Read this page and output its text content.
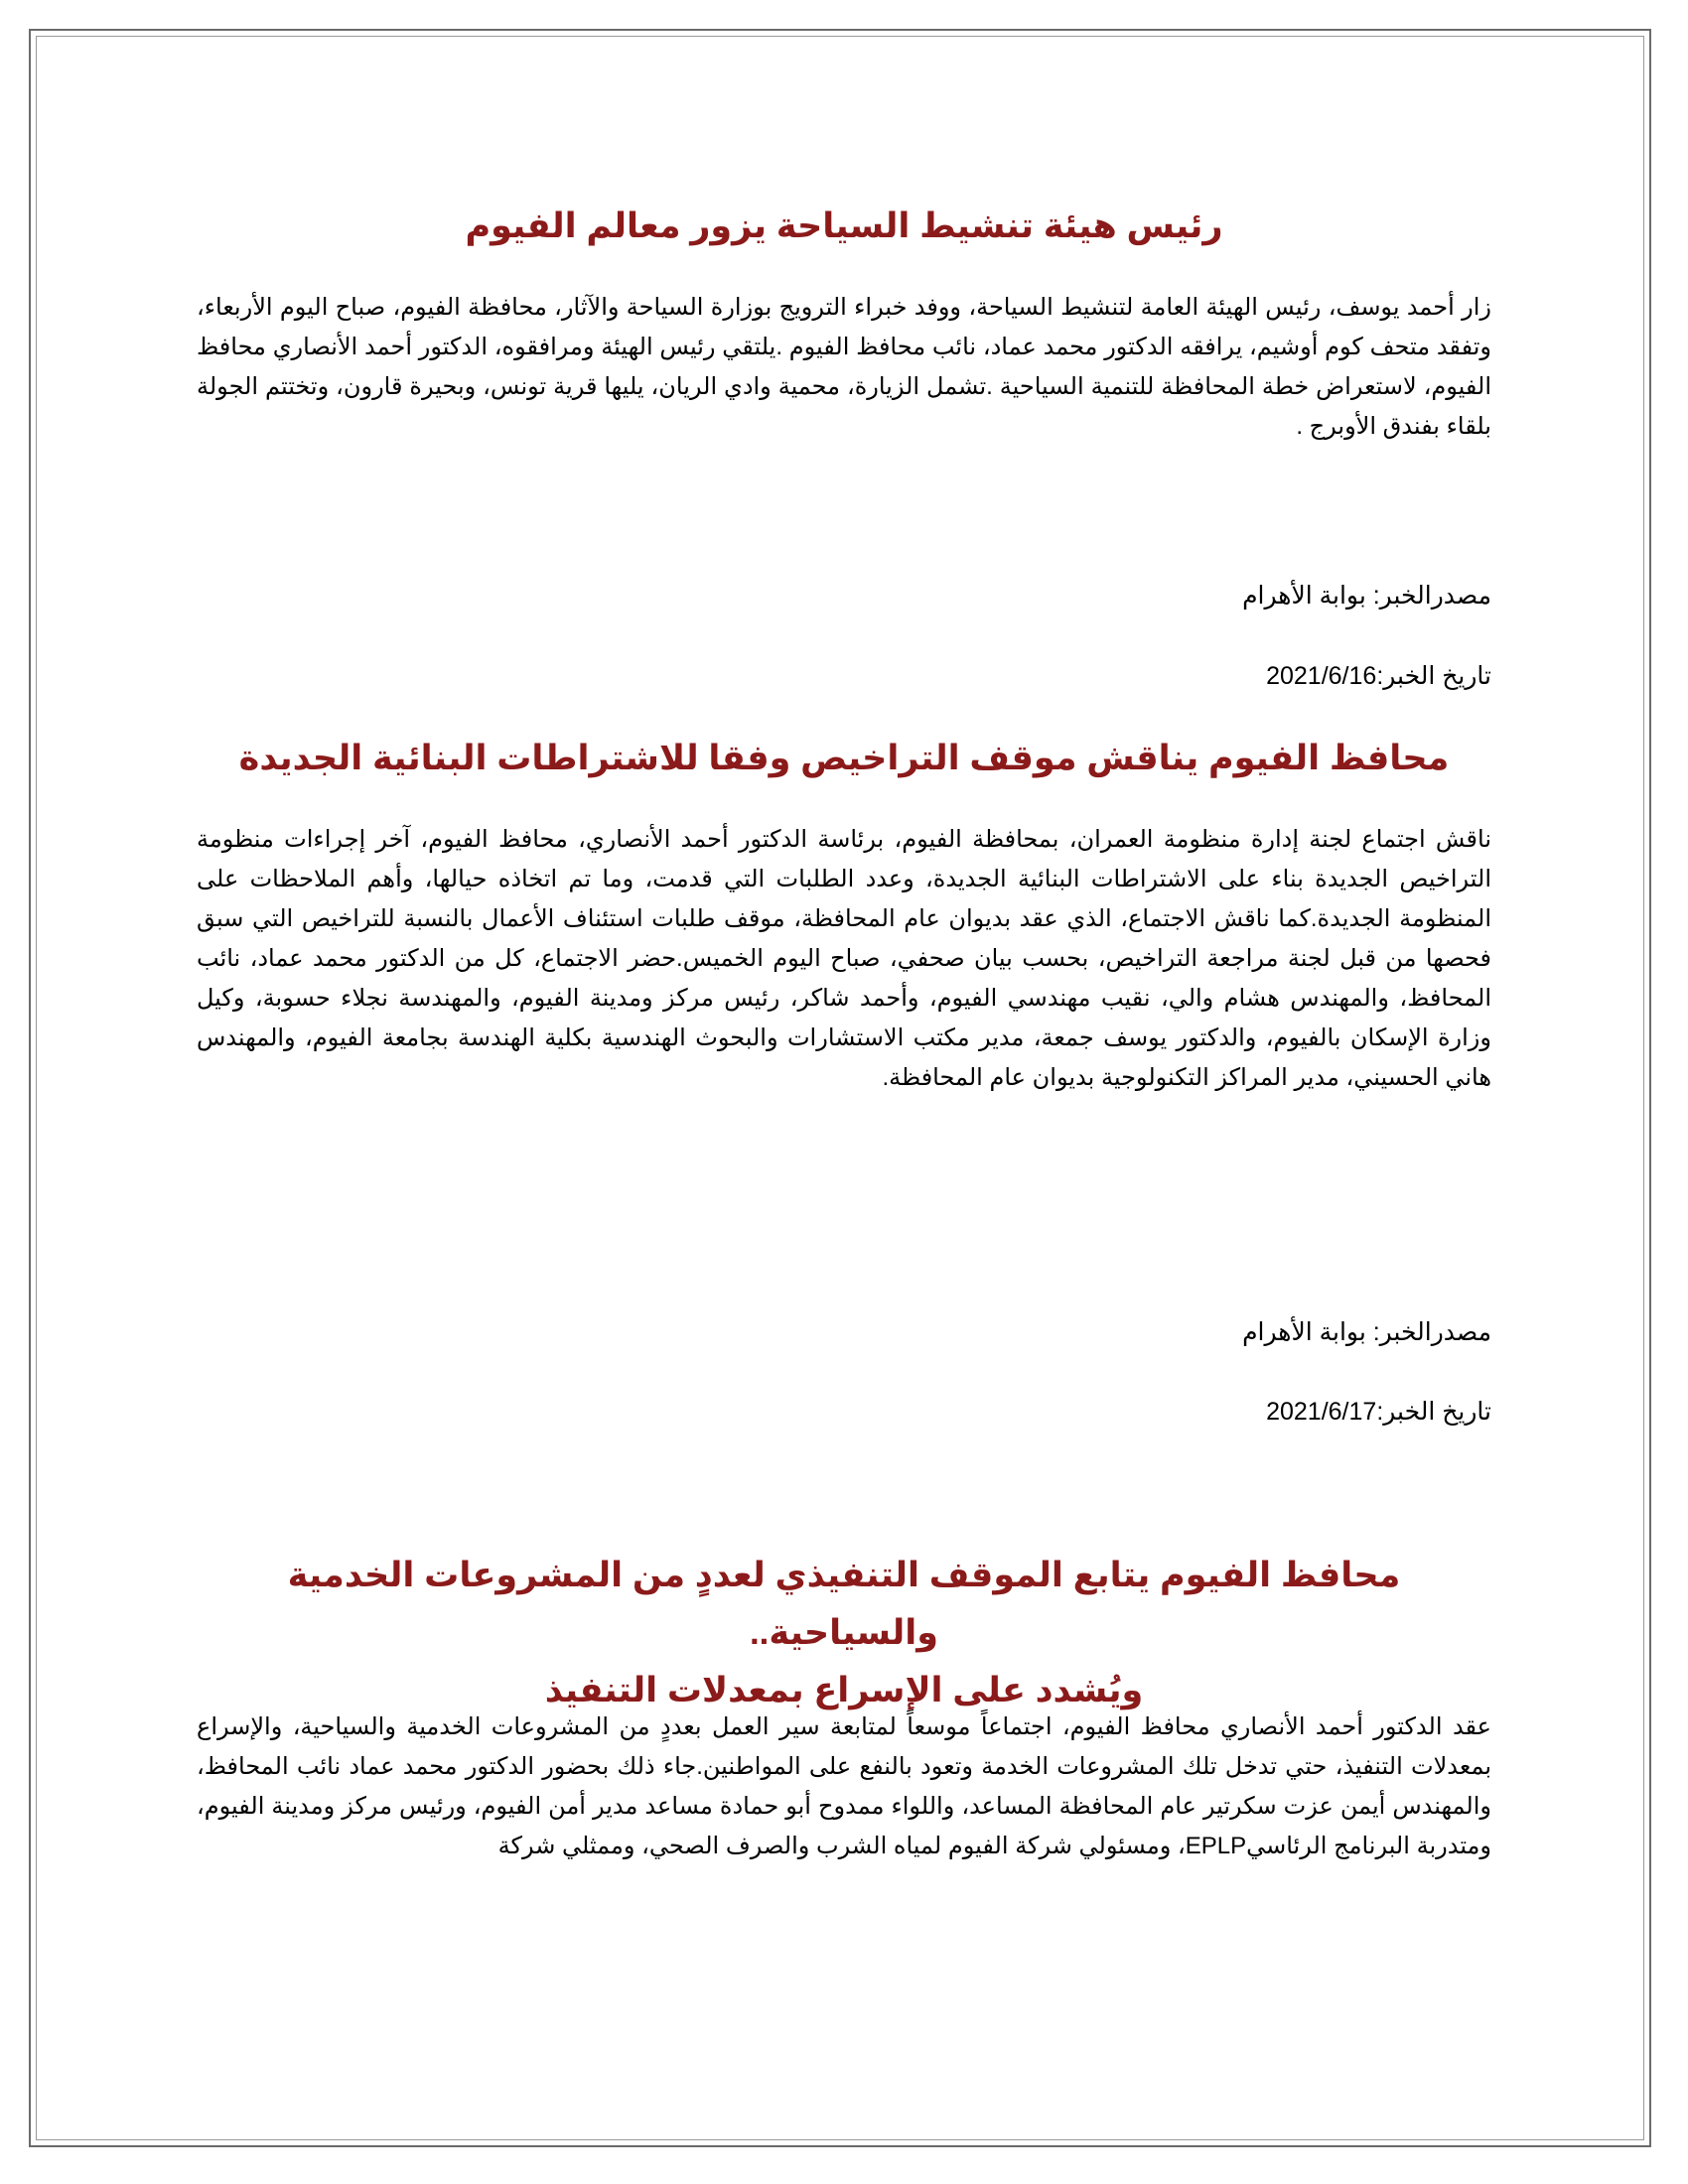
رئيس هيئة تنشيط السياحة يزور معالم الفيوم

زار أحمد يوسف، رئيس الهيئة العامة لتنشيط السياحة، ووفد خبراء الترويج بوزارة السياحة والآثار، محافظة الفيوم، صباح اليوم الأربعاء، وتفقد متحف كوم أوشيم، يرافقه الدكتور محمد عماد، نائب محافظ الفيوم .يلتقي رئيس الهيئة ومرافقوه، الدكتور أحمد الأنصاري محافظ الفيوم، لاستعراض خطة المحافظة للتنمية السياحية .تشمل الزيارة، محمية وادي الريان، يليها قرية تونس، وبحيرة قارون، وتختتم الجولة بلقاء بفندق الأوبرج .

مصدرالخبر: بوابة الأهرام

تاريخ الخبر:2021/6/16

محافظ الفيوم يناقش موقف التراخيص وفقا للاشتراطات البنائية الجديدة

ناقش اجتماع لجنة إدارة منظومة العمران، بمحافظة الفيوم، برئاسة الدكتور أحمد الأنصاري، محافظ الفيوم، آخر إجراءات منظومة التراخيص الجديدة بناء على الاشتراطات البنائية الجديدة، وعدد الطلبات التي قدمت، وما تم اتخاذه حيالها، وأهم الملاحظات على المنظومة الجديدة.كما ناقش الاجتماع، الذي عقد بديوان عام المحافظة، موقف طلبات استئناف الأعمال بالنسبة للتراخيص التي سبق فحصها من قبل لجنة مراجعة التراخيص، بحسب بيان صحفي، صباح اليوم الخميس.حضر الاجتماع، كل من الدكتور محمد عماد، نائب المحافظ، والمهندس هشام والي، نقيب مهندسي الفيوم، وأحمد شاكر، رئيس مركز ومدينة الفيوم، والمهندسة نجلاء حسوبة، وكيل وزارة الإسكان بالفيوم، والدكتور يوسف جمعة، مدير مكتب الاستشارات والبحوث الهندسية بكلية الهندسة بجامعة الفيوم، والمهندس هاني الحسيني، مدير المراكز التكنولوجية بديوان عام المحافظة.

مصدرالخبر: بوابة الأهرام

تاريخ الخبر:2021/6/17

محافظ الفيوم يتابع الموقف التنفيذي لعددٍ من المشروعات الخدمية والسياحية..
ويُشدد على الإسراع بمعدلات التنفيذ

عقد الدكتور أحمد الأنصاري محافظ الفيوم، اجتماعاً موسعاً لمتابعة سير العمل بعددٍ من المشروعات الخدمية والسياحية، والإسراع بمعدلات التنفيذ، حتي تدخل تلك المشروعات الخدمة وتعود بالنفع على المواطنين.جاء ذلك بحضور الدكتور محمد عماد نائب المحافظ، والمهندس أيمن عزت سكرتير عام المحافظة المساعد، واللواء ممدوح أبو حمادة مساعد مدير أمن الفيوم، ورئيس مركز ومدينة الفيوم، ومتدربة البرنامج الرئاسيEPLP، ومسئولي شركة الفيوم لمياه الشرب والصرف الصحي، وممثلي شركة
